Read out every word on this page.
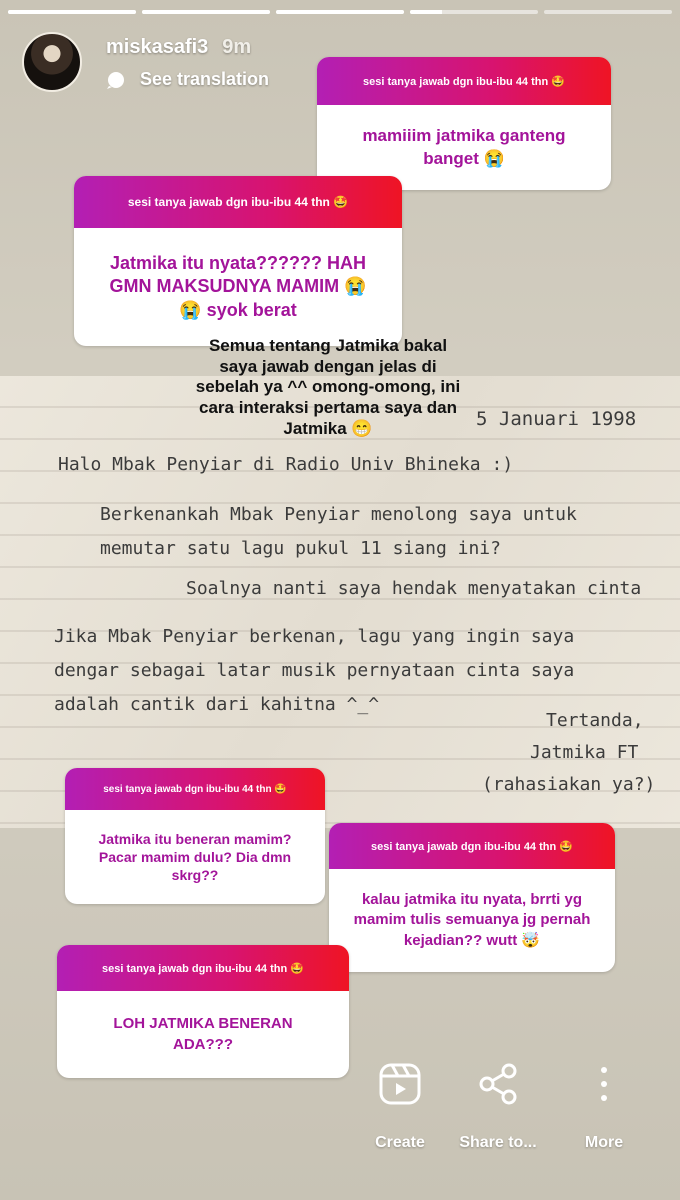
miskasafi3 9m
See translation
5 Januari 1998
Halo Mbak Penyiar di Radio Univ Bhineka :)
Berkenankah Mbak Penyiar menolong saya untuk
memutar satu lagu pukul 11 siang ini?
Soalnya nanti saya hendak menyatakan cinta
Jika Mbak Penyiar berkenan, lagu yang ingin saya
dengar sebagai latar musik pernyataan cinta saya
adalah cantik dari kahitna ^_^
Tertanda,
Jatmika FT
(rahasiakan ya?)
sesi tanya jawab dgn ibu-ibu 44 thn 🤩
mamiiim jatmika ganteng banget 😭
sesi tanya jawab dgn ibu-ibu 44 thn 🤩
Jatmika itu nyata?????? HAH GMN MAKSUDNYA MAMIM 😭 😭 syok berat
Semua tentang Jatmika bakal saya jawab dengan jelas di sebelah ya ^^ omong-omong, ini cara interaksi pertama saya dan Jatmika 😁
sesi tanya jawab dgn ibu-ibu 44 thn 🤩
Jatmika itu beneran mamim? Pacar mamim dulu? Dia dmn skrg??
sesi tanya jawab dgn ibu-ibu 44 thn 🤩
kalau jatmika itu nyata, brrti yg mamim tulis semuanya jg pernah kejadian?? wutt 🤯
sesi tanya jawab dgn ibu-ibu 44 thn 🤩
LOH JATMIKA BENERAN ADA???
Create Share to...	More
